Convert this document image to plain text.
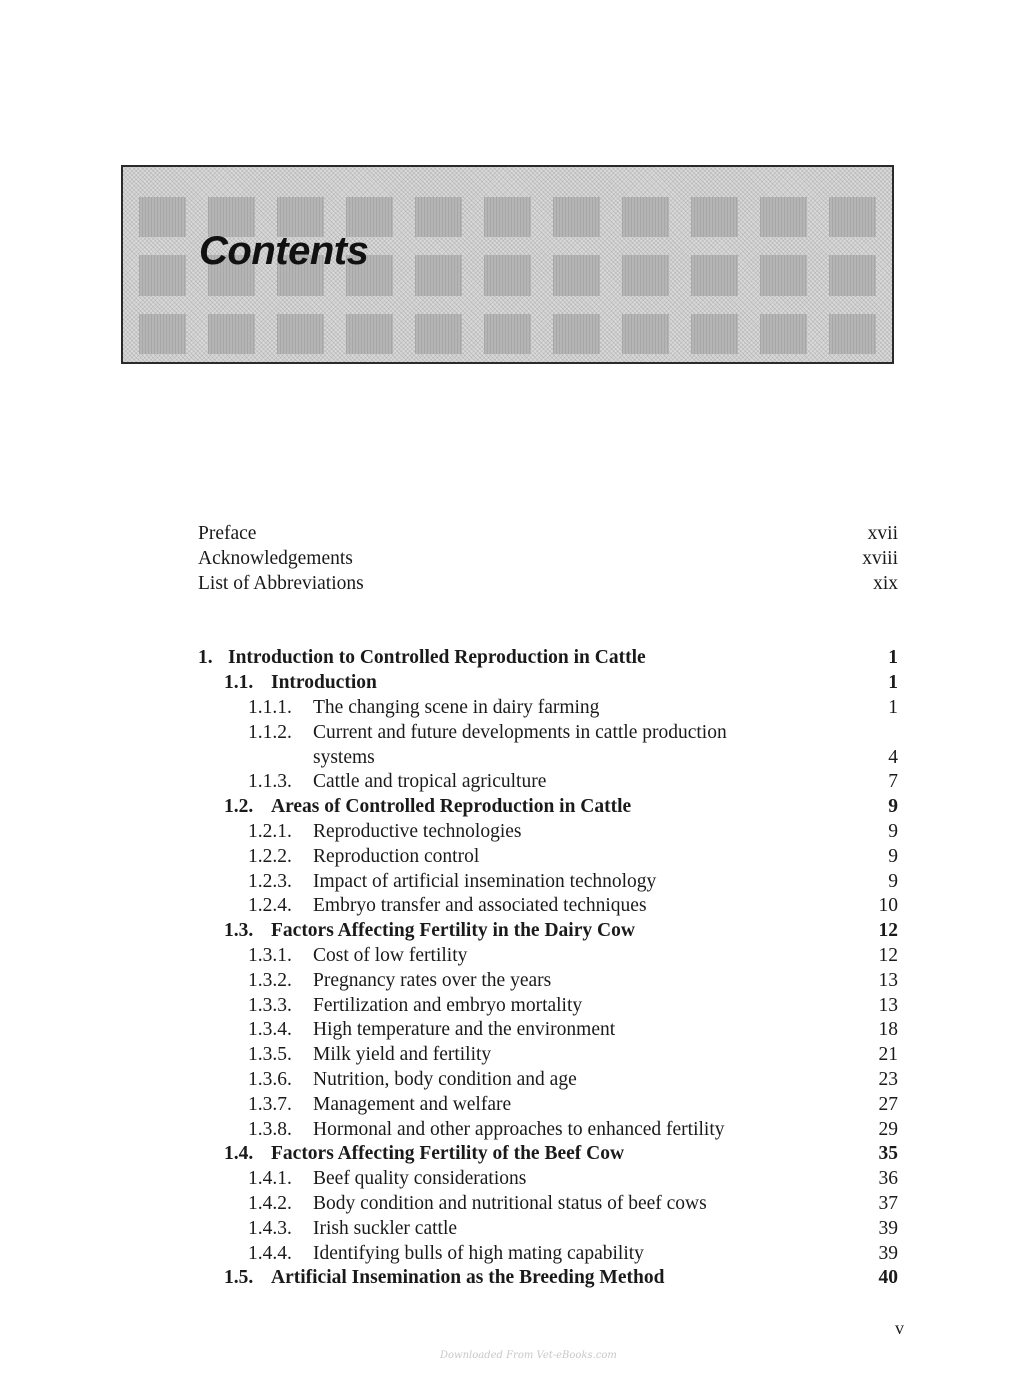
Contents
Preface	xvii
Acknowledgements	xviii
List of Abbreviations	xix
1. Introduction to Controlled Reproduction in Cattle	1
1.1. Introduction	1
1.1.1. The changing scene in dairy farming	1
1.1.2. Current and future developments in cattle production
systems	4
1.1.3. Cattle and tropical agriculture	7
1.2. Areas of Controlled Reproduction in Cattle	9
1.2.1. Reproductive technologies	9
1.2.2. Reproduction control	9
1.2.3. Impact of artificial insemination technology	9
1.2.4. Embryo transfer and associated techniques	10
1.3. Factors Affecting Fertility in the Dairy Cow	12
1.3.1. Cost of low fertility	12
1.3.2. Pregnancy rates over the years	13
1.3.3. Fertilization and embryo mortality	13
1.3.4. High temperature and the environment	18
1.3.5. Milk yield and fertility	21
1.3.6. Nutrition, body condition and age	23
1.3.7. Management and welfare	27
1.3.8. Hormonal and other approaches to enhanced fertility	29
1.4. Factors Affecting Fertility of the Beef Cow	35
1.4.1. Beef quality considerations	36
1.4.2. Body condition and nutritional status of beef cows	37
1.4.3. Irish suckler cattle	39
1.4.4. Identifying bulls of high mating capability	39
1.5. Artificial Insemination as the Breeding Method	40
v
Downloaded From Vet-eBooks.com
